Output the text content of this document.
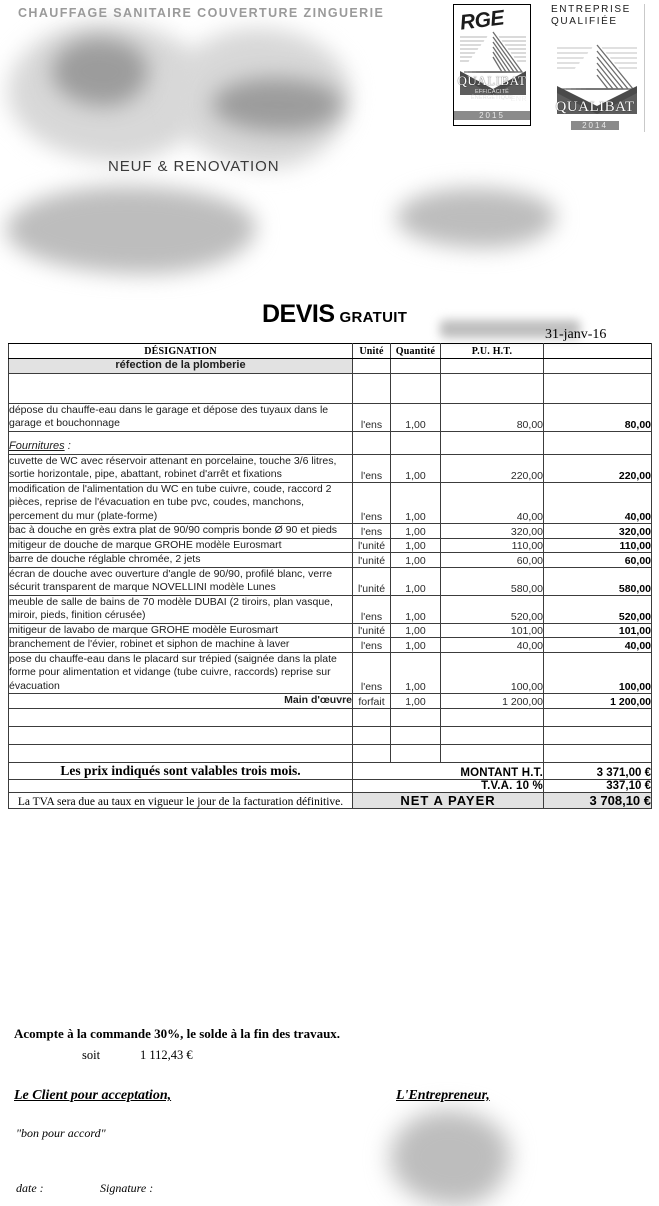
CHAUFFAGE SANITAIRE COUVERTURE ZINGUERIE
NEUF & RENOVATION
RGE
QUALIBAT
EFFICACITÉ ÉNERGÉTIQUE
ENR
2015
ENTREPRISE
QUALIFIÉE
QUALIBAT
2014
DEVIS GRATUIT
31-janv-16
DÉSIGNATION	Unité	Quantité	P.U. H.T.	
réfection de la plomberie				

dépose du chauffe-eau dans le garage et dépose des tuyaux dans le garage et bouchonnage	l'ens	1,00	80,00	80,00
Fournitures :				
cuvette de WC avec réservoir attenant en porcelaine, touche 3/6 litres, sortie horizontale, pipe, abattant, robinet d'arrêt et fixations	l'ens	1,00	220,00	220,00
modification de l'alimentation du WC en tube cuivre, coude, raccord 2 pièces, reprise de l'évacuation en tube pvc, coudes, manchons, percement du mur (plate-forme)	l'ens	1,00	40,00	40,00
bac à douche en grès extra plat de 90/90 compris bonde Ø 90 et pieds	l'ens	1,00	320,00	320,00
mitigeur de douche de marque GROHE modèle Eurosmart	l'unité	1,00	110,00	110,00
barre de douche réglable chromée, 2 jets	l'unité	1,00	60,00	60,00
écran de douche avec ouverture d'angle de 90/90, profilé blanc, verre sécurit transparent de marque NOVELLINI modèle Lunes	l'unité	1,00	580,00	580,00
meuble de salle de bains de 70 modèle DUBAI (2 tiroirs, plan vasque, miroir, pieds, finition cérusée)	l'ens	1,00	520,00	520,00
mitigeur de lavabo de marque GROHE modèle Eurosmart	l'unité	1,00	101,00	101,00
branchement de l'évier, robinet et siphon de machine à laver	l'ens	1,00	40,00	40,00
pose du chauffe-eau dans le placard sur trépied (saignée dans la plate forme pour alimentation et vidange (tube cuivre, raccords) reprise sur évacuation	l'ens	1,00	100,00	100,00
Main d'œuvre	forfait	1,00	1 200,00	1 200,00

Les prix indiqués sont valables trois mois.	MONTANT H.T.			3 371,00 €
	T.V.A. 10 %			337,10 €
La TVA sera due au taux en vigueur le jour de la facturation définitive.	NET A PAYER			3 708,10 €
Acompte à la commande 30%, le solde à la fin des travaux.
soit	1 112,43 €
Le Client pour acceptation,	L'Entrepreneur,
"bon pour accord"
date :	Signature :
